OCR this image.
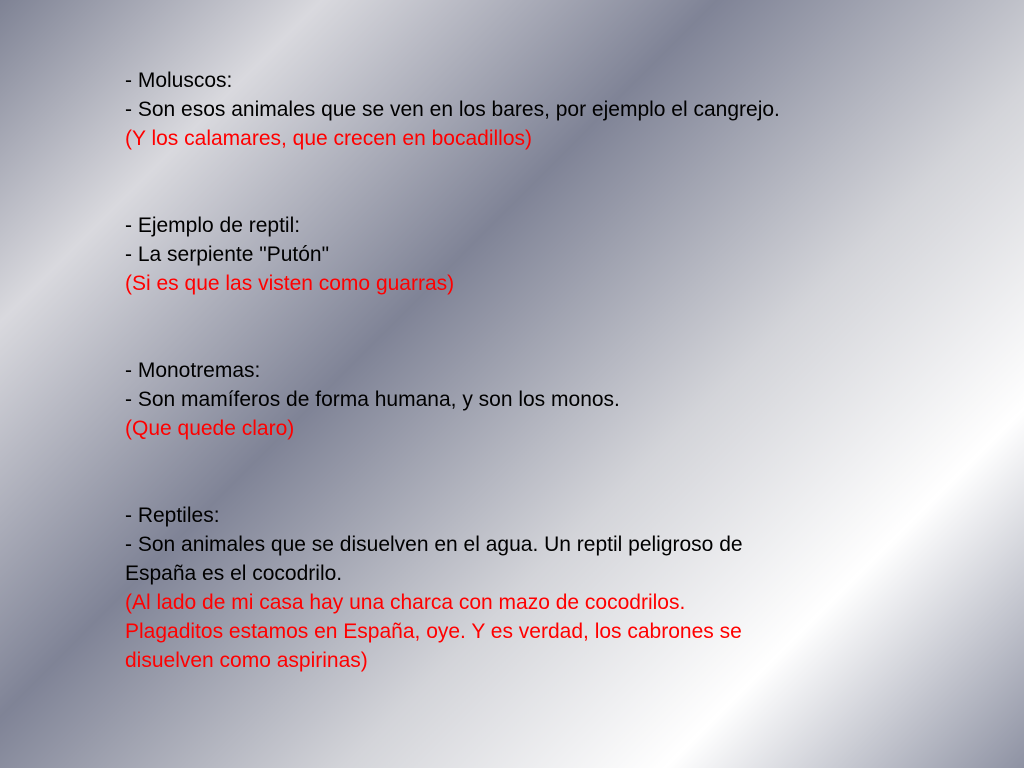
- Moluscos:
- Son esos animales que se ven en los bares, por ejemplo el cangrejo.
(Y los calamares, que crecen en bocadillos)
- Ejemplo de reptil:
- La serpiente "Putón"
(Si es que las visten como guarras)
- Monotremas:
- Son mamíferos de forma humana, y son los monos.
(Que quede claro)
- Reptiles:
- Son animales que se disuelven en el agua. Un reptil peligroso de
España es el cocodrilo.
(Al lado de mi casa hay una charca con mazo de cocodrilos.
Plagaditos estamos en España, oye. Y es verdad, los cabrones se
disuelven como aspirinas)
